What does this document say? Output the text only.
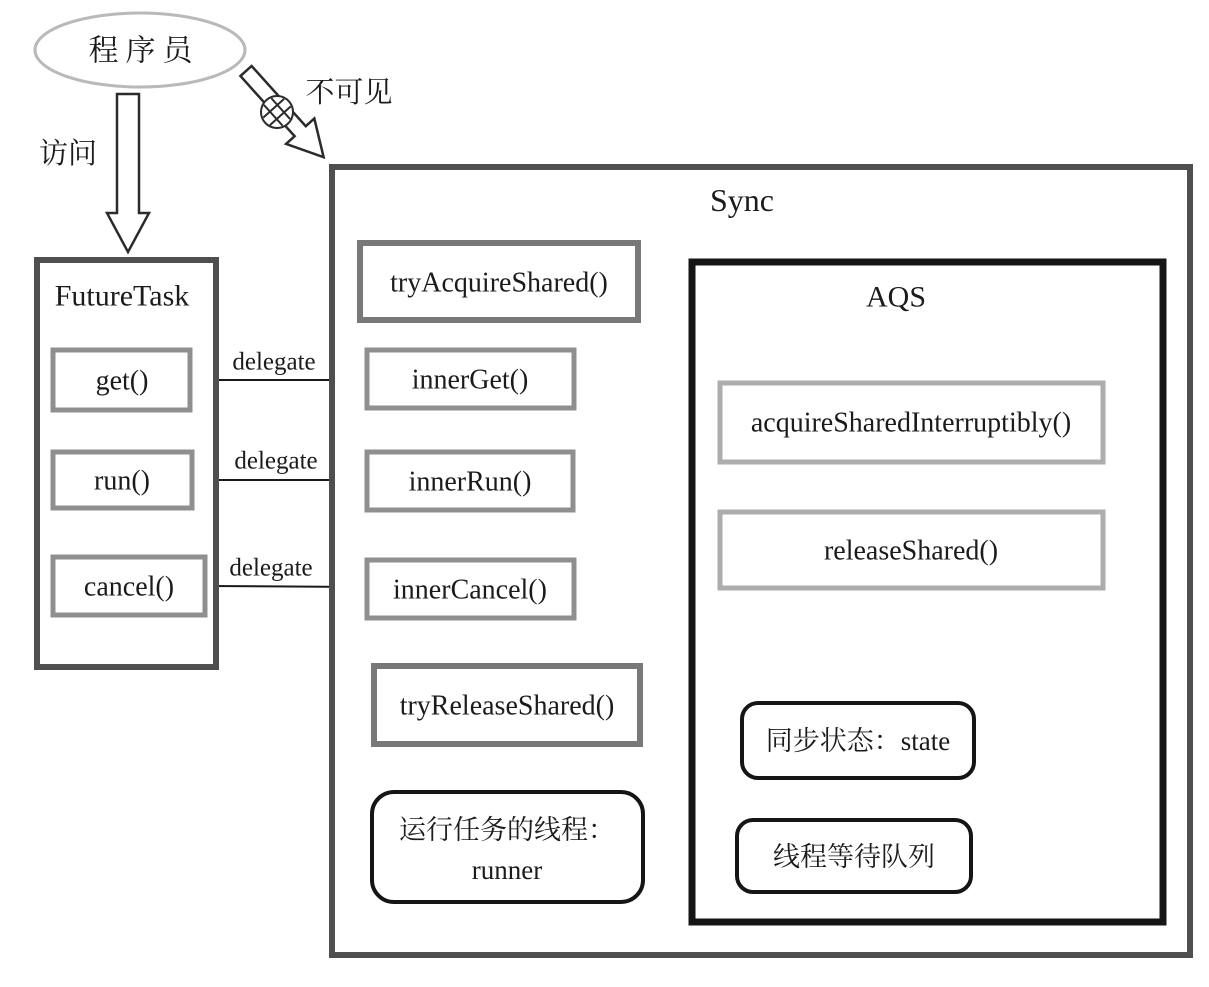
程序员
访问
不可见
FutureTask
get()
run()
cancel()
delegate
delegate
delegate
Sync
tryAcquireShared()
innerGet()
innerRun()
innerCancel()
tryReleaseShared()
运行任务的线程：
runner
AQS
acquireSharedInterruptibly()
releaseShared()
同步状态：state
线程等待队列
